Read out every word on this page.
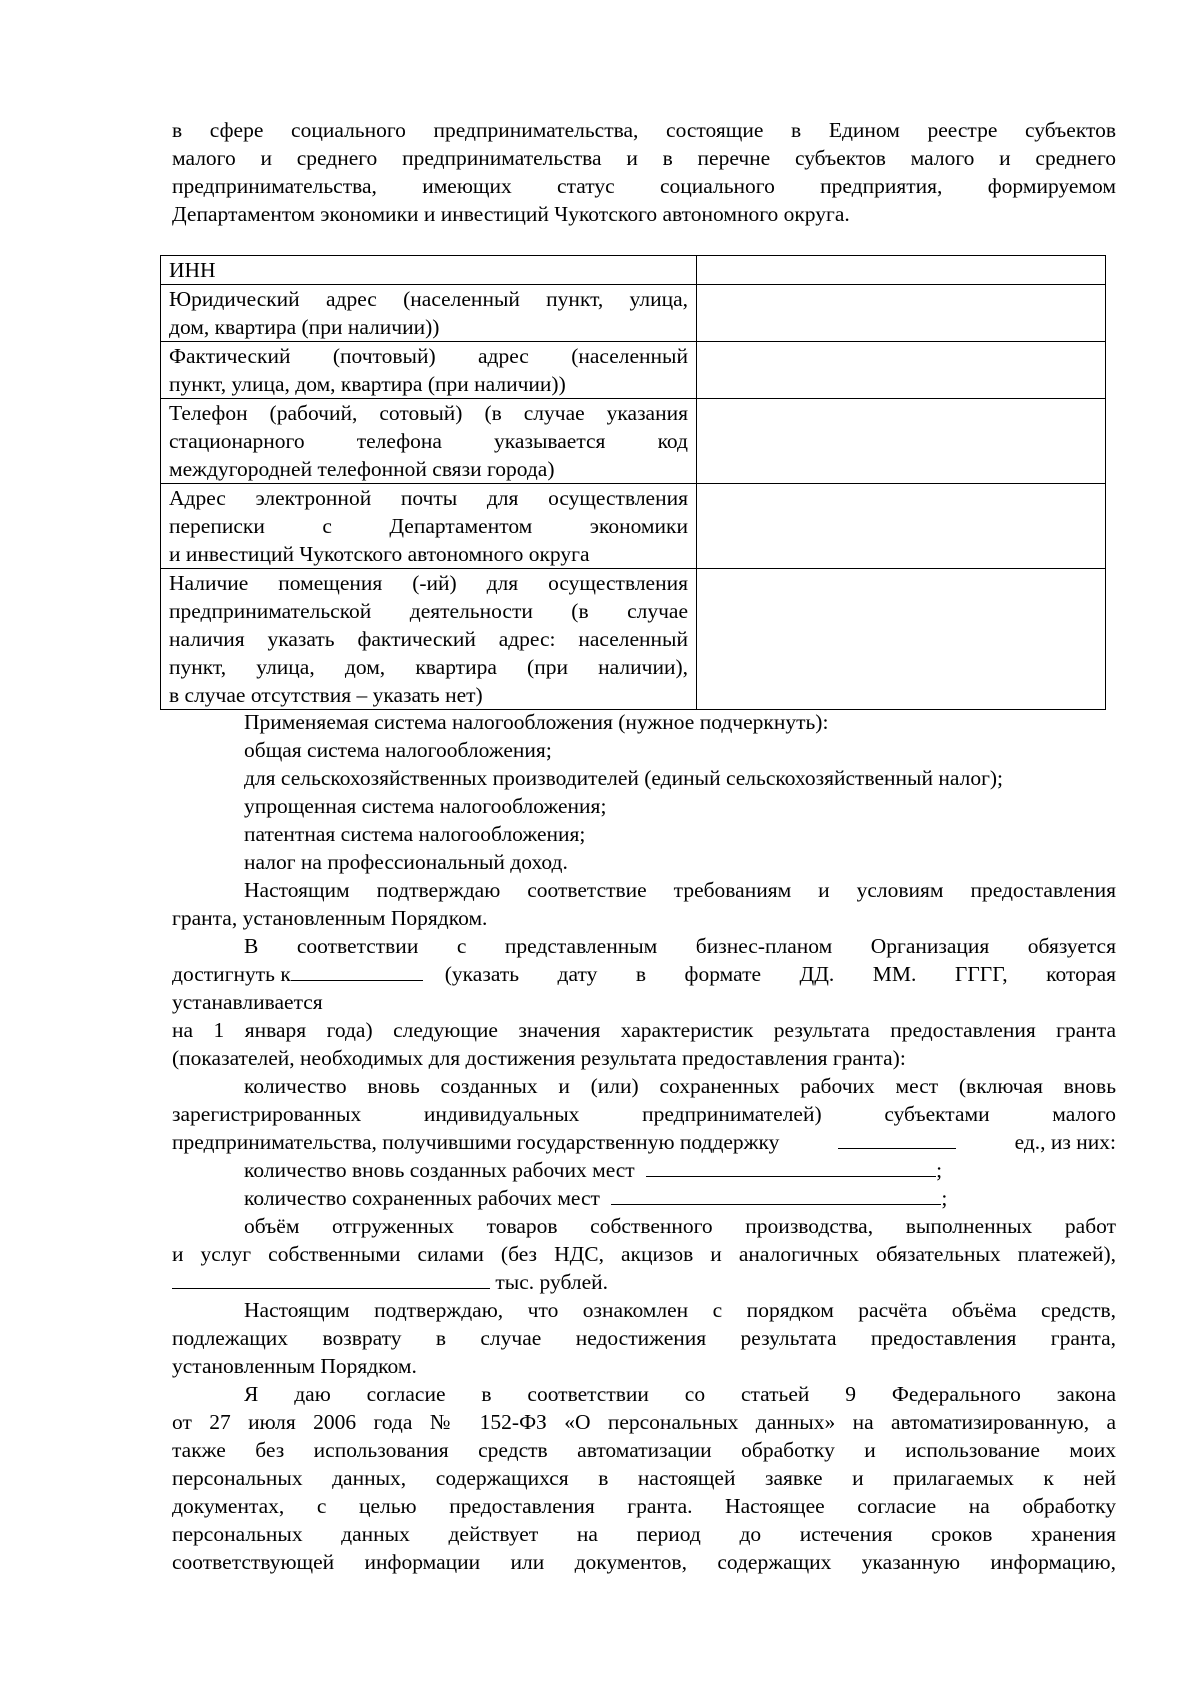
в сфере социального предпринимательства, состоящие в Едином реестре субъектов
малого и среднего предпринимательства и в перечне субъектов малого и среднего
предпринимательства, имеющих статус социального предприятия, формируемом
Департаментом экономики и инвестиций Чукотского автономного округа.
ИНН	

Юридический адрес (населенный пункт, улица,
дом, квартира (при наличии))	

Фактический (почтовый) адрес (населенный
пункт, улица, дом, квартира (при наличии))	

Телефон (рабочий, сотовый) (в случае указания
стационарного телефона указывается код
междугородней телефонной связи города)	

Адрес электронной почты для осуществления
переписки с Департаментом экономики
и инвестиций Чукотского автономного округа	

Наличие помещения (-ий) для осуществления
предпринимательской деятельности (в случае
наличия указать фактический адрес: населенный
пункт, улица, дом, квартира (при наличии),
в случае отсутствия – указать нет)	

Применяемая система налогообложения (нужное подчеркнуть):
общая система налогообложения;
для сельскохозяйственных производителей (единый сельскохозяйственный налог);
упрощенная система налогообложения;
патентная система налогообложения;
налог на профессиональный доход.
Настоящим подтверждаю соответствие требованиям и условиям предоставления
гранта, установленным Порядком.
В соответствии с представленным бизнес-планом Организация обязуется
достигнуть к	(указать дату в формате ДД. ММ. ГГГГ, которая
устанавливается
на 1 января года) следующие значения характеристик результата предоставления гранта
(показателей, необходимых для достижения результата предоставления гранта):
количество вновь созданных и (или) сохраненных рабочих мест (включая вновь
зарегистрированных индивидуальных предпринимателей) субъектами малого
предпринимательства, получившими государственную поддержку	ед., из них:
количество вновь созданных рабочих мест	;
количество сохраненных рабочих мест	;
объём отгруженных товаров собственного производства, выполненных работ
и услуг собственными силами (без НДС, акцизов и аналогичных обязательных платежей),
тыс. рублей.
Настоящим подтверждаю, что ознакомлен с порядком расчёта объёма средств,
подлежащих возврату в случае недостижения результата предоставления гранта,
установленным Порядком.
Я даю согласие в соответствии со статьей 9 Федерального закона
от 27 июля 2006 года № 152-ФЗ «О персональных данных» на автоматизированную, а
также без использования средств автоматизации обработку и использование моих
персональных данных, содержащихся в настоящей заявке и прилагаемых к ней
документах, с целью предоставления гранта. Настоящее согласие на обработку
персональных данных действует на период до истечения сроков хранения
соответствующей информации или документов, содержащих указанную информацию,
